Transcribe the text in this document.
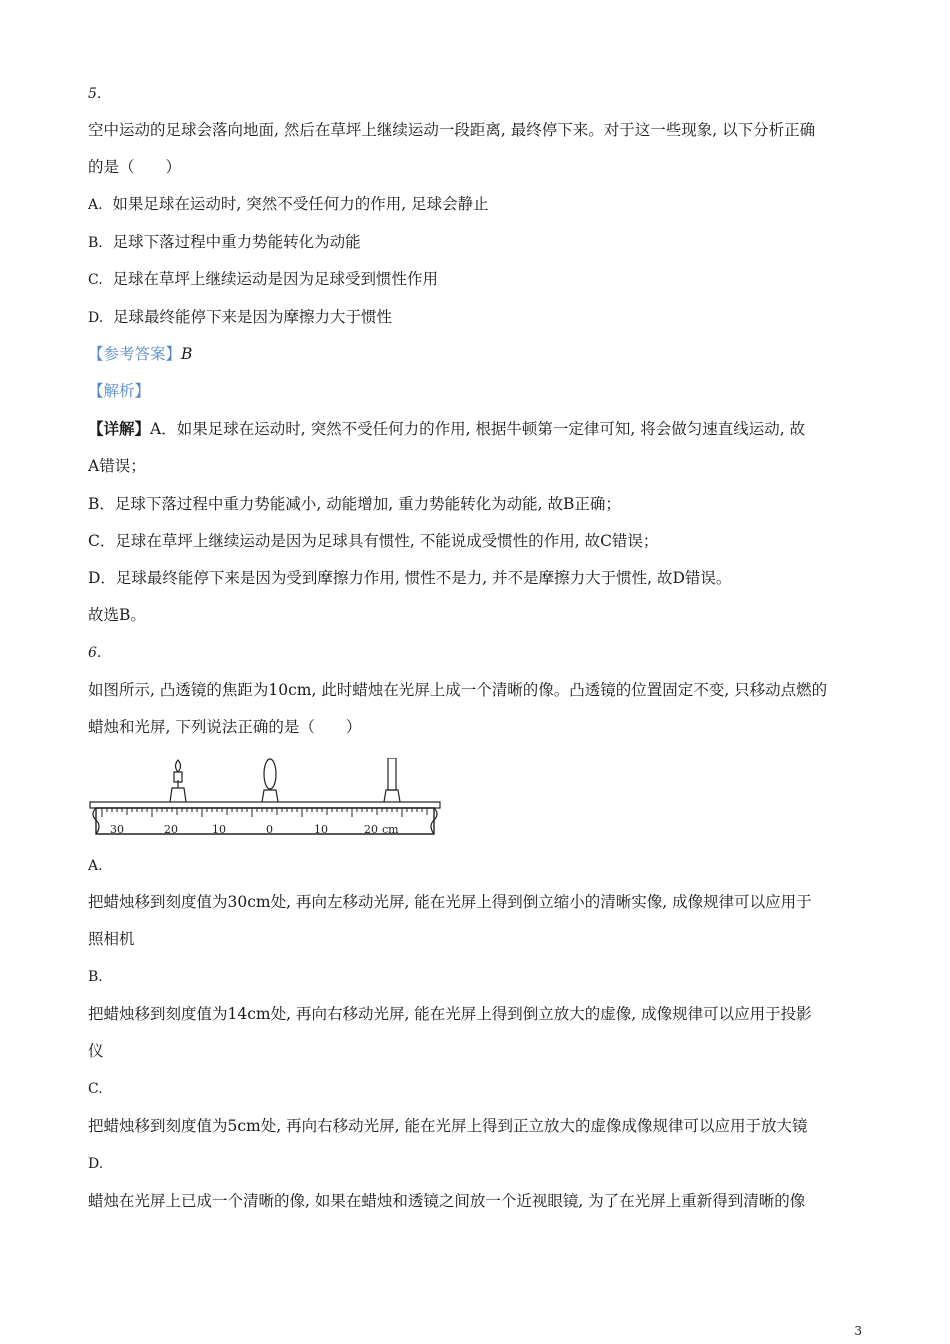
5.
空中运动的足球会落向地面, 然后在草坪上继续运动一段距离, 最终停下来。对于这一些现象, 以下分析正确
的是（　　）
A. 如果足球在运动时, 突然不受任何力的作用, 足球会静止
B. 足球下落过程中重力势能转化为动能
C. 足球在草坪上继续运动是因为足球受到惯性作用
D. 足球最终能停下来是因为摩擦力大于惯性
【参考答案】B
【解析】
【详解】A．如果足球在运动时, 突然不受任何力的作用, 根据牛顿第一定律可知, 将会做匀速直线运动, 故
A错误；
B．足球下落过程中重力势能减小, 动能增加, 重力势能转化为动能, 故B正确；
C．足球在草坪上继续运动是因为足球具有惯性, 不能说成受惯性的作用, 故C错误；
D．足球最终能停下来是因为受到摩擦力作用, 惯性不是力, 并不是摩擦力大于惯性, 故D错误。
故选B。
6.
如图所示, 凸透镜的焦距为10cm, 此时蜡烛在光屏上成一个清晰的像。凸透镜的位置固定不变, 只移动点燃的
蜡烛和光屏, 下列说法正确的是（　　）
30	20	10	0	10	20 cm
A.
把蜡烛移到刻度值为30cm处, 再向左移动光屏, 能在光屏上得到倒立缩小的清晰实像, 成像规律可以应用于
照相机
B.
把蜡烛移到刻度值为14cm处, 再向右移动光屏, 能在光屏上得到倒立放大的虚像, 成像规律可以应用于投影
仪
C.
把蜡烛移到刻度值为5cm处, 再向右移动光屏, 能在光屏上得到正立放大的虚像成像规律可以应用于放大镜
D.
蜡烛在光屏上已成一个清晰的像, 如果在蜡烛和透镜之间放一个近视眼镜, 为了在光屏上重新得到清晰的像
3
